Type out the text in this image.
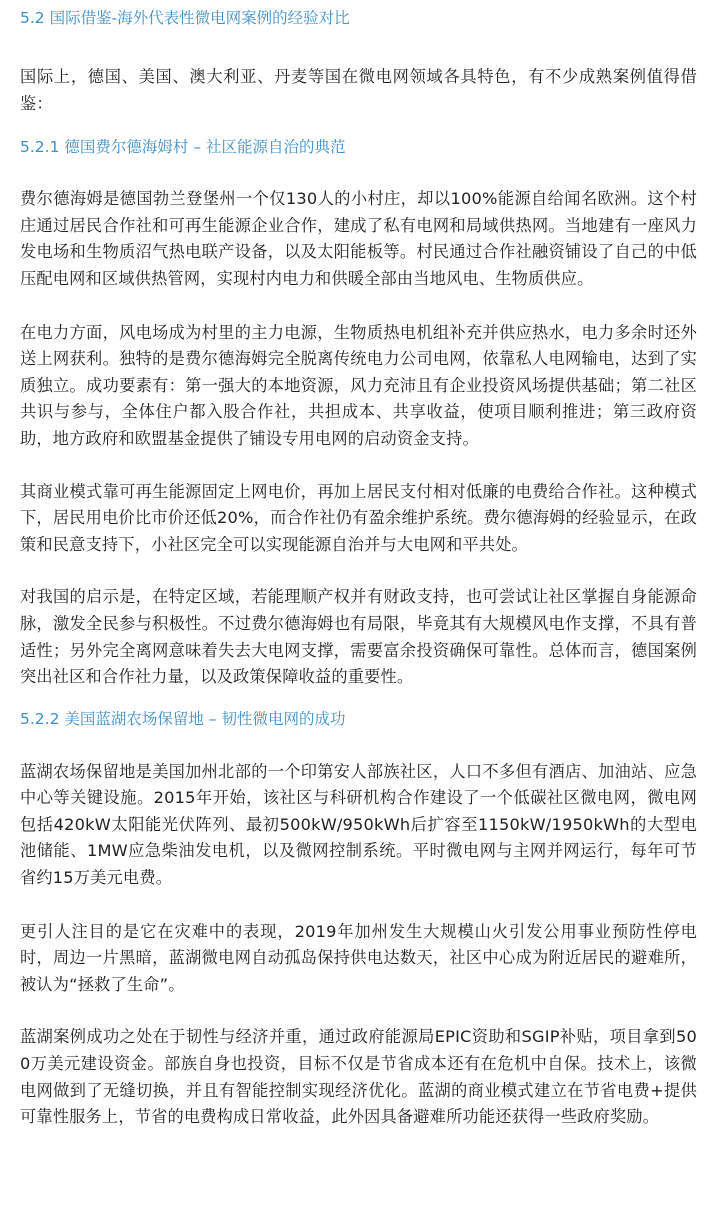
5.2 国际借鉴-海外代表性微电网案例的经验对比

国际上，德国、美国、澳大利亚、丹麦等国在微电网领域各具特色，有不少成熟案例值得借鉴：

5.2.1 德国费尔德海姆村 – 社区能源自治的典范

费尔德海姆是德国勃兰登堡州一个仅130人的小村庄，却以100%能源自给闻名欧洲。这个村庄通过居民合作社和可再生能源企业合作，建成了私有电网和局域供热网。当地建有一座风力发电场和生物质沼气热电联产设备，以及太阳能板等。村民通过合作社融资铺设了自己的中低压配电网和区域供热管网，实现村内电力和供暖全部由当地风电、生物质供应。

在电力方面，风电场成为村里的主力电源，生物质热电机组补充并供应热水，电力多余时还外送上网获利。独特的是费尔德海姆完全脱离传统电力公司电网，依靠私人电网输电，达到了实质独立。成功要素有：第一强大的本地资源，风力充沛且有企业投资风场提供基础；第二社区共识与参与，全体住户都入股合作社，共担成本、共享收益，使项目顺利推进；第三政府资助，地方政府和欧盟基金提供了铺设专用电网的启动资金支持。

其商业模式靠可再生能源固定上网电价，再加上居民支付相对低廉的电费给合作社。这种模式下，居民用电价比市价还低20%，而合作社仍有盈余维护系统。费尔德海姆的经验显示，在政策和民意支持下，小社区完全可以实现能源自治并与大电网和平共处。

对我国的启示是，在特定区域，若能理顺产权并有财政支持，也可尝试让社区掌握自身能源命脉，激发全民参与积极性。不过费尔德海姆也有局限，毕竟其有大规模风电作支撑，不具有普适性；另外完全离网意味着失去大电网支撑，需要富余投资确保可靠性。总体而言，德国案例突出社区和合作社力量，以及政策保障收益的重要性。

5.2.2 美国蓝湖农场保留地 – 韧性微电网的成功

蓝湖农场保留地是美国加州北部的一个印第安人部族社区，人口不多但有酒店、加油站、应急中心等关键设施。2015年开始，该社区与科研机构合作建设了一个低碳社区微电网，微电网包括420kW太阳能光伏阵列、最初500kW/950kWh后扩容至1150kW/1950kWh的大型电池储能、1MW应急柴油发电机，以及微网控制系统。平时微电网与主网并网运行，每年可节省约15万美元电费。

更引人注目的是它在灾难中的表现，2019年加州发生大规模山火引发公用事业预防性停电时，周边一片黑暗，蓝湖微电网自动孤岛保持供电达数天，社区中心成为附近居民的避难所，被认为“拯救了生命”。

蓝湖案例成功之处在于韧性与经济并重，通过政府能源局EPIC资助和SGIP补贴，项目拿到500万美元建设资金。部族自身也投资，目标不仅是节省成本还有在危机中自保。技术上，该微电网做到了无缝切换，并且有智能控制实现经济优化。蓝湖的商业模式建立在节省电费+提供可靠性服务上，节省的电费构成日常收益，此外因具备避难所功能还获得一些政府奖励。
